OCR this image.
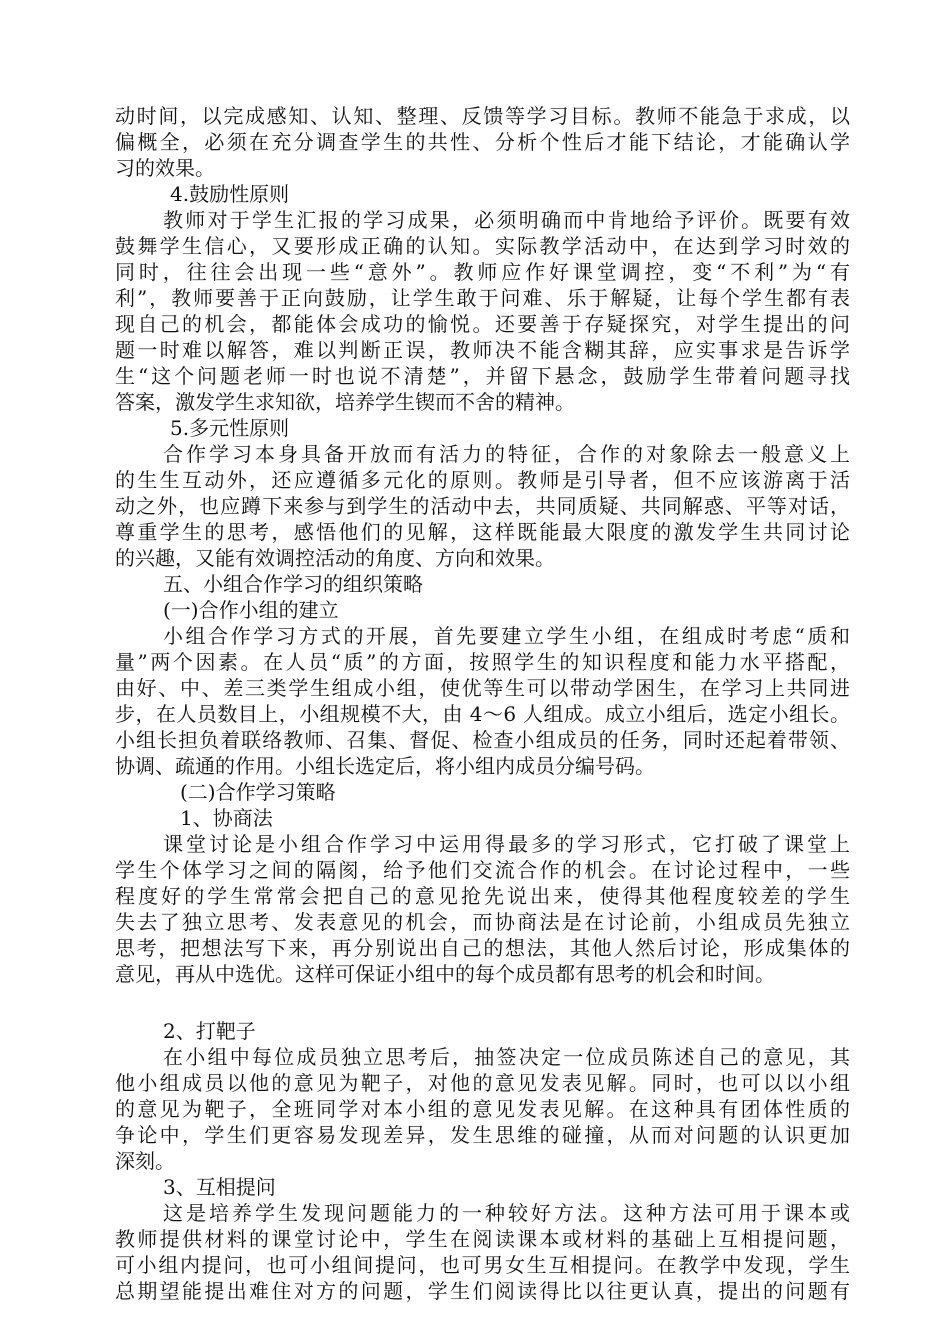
动时间，以完成感知、认知、整理、反馈等学习目标。教师不能急于求成，以
偏概全，必须在充分调查学生的共性、分析个性后才能下结论，才能确认学
习的效果。
4.鼓励性原则
教师对于学生汇报的学习成果，必须明确而中肯地给予评价。既要有效
鼓舞学生信心，又要形成正确的认知。实际教学活动中，在达到学习时效的
同时，往往会出现一些“意外”。教师应作好课堂调控，变“不利”为“有
利”，教师要善于正向鼓励，让学生敢于问难、乐于解疑，让每个学生都有表
现自己的机会，都能体会成功的愉悦。还要善于存疑探究，对学生提出的问
题一时难以解答，难以判断正误，教师决不能含糊其辞，应实事求是告诉学
生“这个问题老师一时也说不清楚”，并留下悬念，鼓励学生带着问题寻找
答案，激发学生求知欲，培养学生锲而不舍的精神。
5.多元性原则
合作学习本身具备开放而有活力的特征，合作的对象除去一般意义上
的生生互动外，还应遵循多元化的原则。教师是引导者，但不应该游离于活
动之外，也应蹲下来参与到学生的活动中去，共同质疑、共同解惑、平等对话，
尊重学生的思考，感悟他们的见解，这样既能最大限度的激发学生共同讨论
的兴趣，又能有效调控活动的角度、方向和效果。
五、小组合作学习的组织策略
(一)合作小组的建立
小组合作学习方式的开展，首先要建立学生小组，在组成时考虑“质和
量”两个因素。在人员“质”的方面，按照学生的知识程度和能力水平搭配，
由好、中、差三类学生组成小组，使优等生可以带动学困生，在学习上共同进
步，在人员数目上，小组规模不大，由 4～6 人组成。成立小组后，选定小组长。
小组长担负着联络教师、召集、督促、检查小组成员的任务，同时还起着带领、
协调、疏通的作用。小组长选定后，将小组内成员分编号码。
(二)合作学习策略
1、协商法
课堂讨论是小组合作学习中运用得最多的学习形式，它打破了课堂上
学生个体学习之间的隔阂，给予他们交流合作的机会。在讨论过程中，一些
程度好的学生常常会把自己的意见抢先说出来，使得其他程度较差的学生
失去了独立思考、发表意见的机会，而协商法是在讨论前，小组成员先独立
思考，把想法写下来，再分别说出自己的想法，其他人然后讨论，形成集体的
意见，再从中选优。这样可保证小组中的每个成员都有思考的机会和时间。
2、打靶子
在小组中每位成员独立思考后，抽签决定一位成员陈述自己的意见，其
他小组成员以他的意见为靶子，对他的意见发表见解。同时，也可以以小组
的意见为靶子，全班同学对本小组的意见发表见解。在这种具有团体性质的
争论中，学生们更容易发现差异，发生思维的碰撞，从而对问题的认识更加
深刻。
3、互相提问
这是培养学生发现问题能力的一种较好方法。这种方法可用于课本或
教师提供材料的课堂讨论中，学生在阅读课本或材料的基础上互相提问题，
可小组内提问，也可小组间提问，也可男女生互相提问。在教学中发现，学生
总期望能提出难住对方的问题，学生们阅读得比以往更认真，提出的问题有
